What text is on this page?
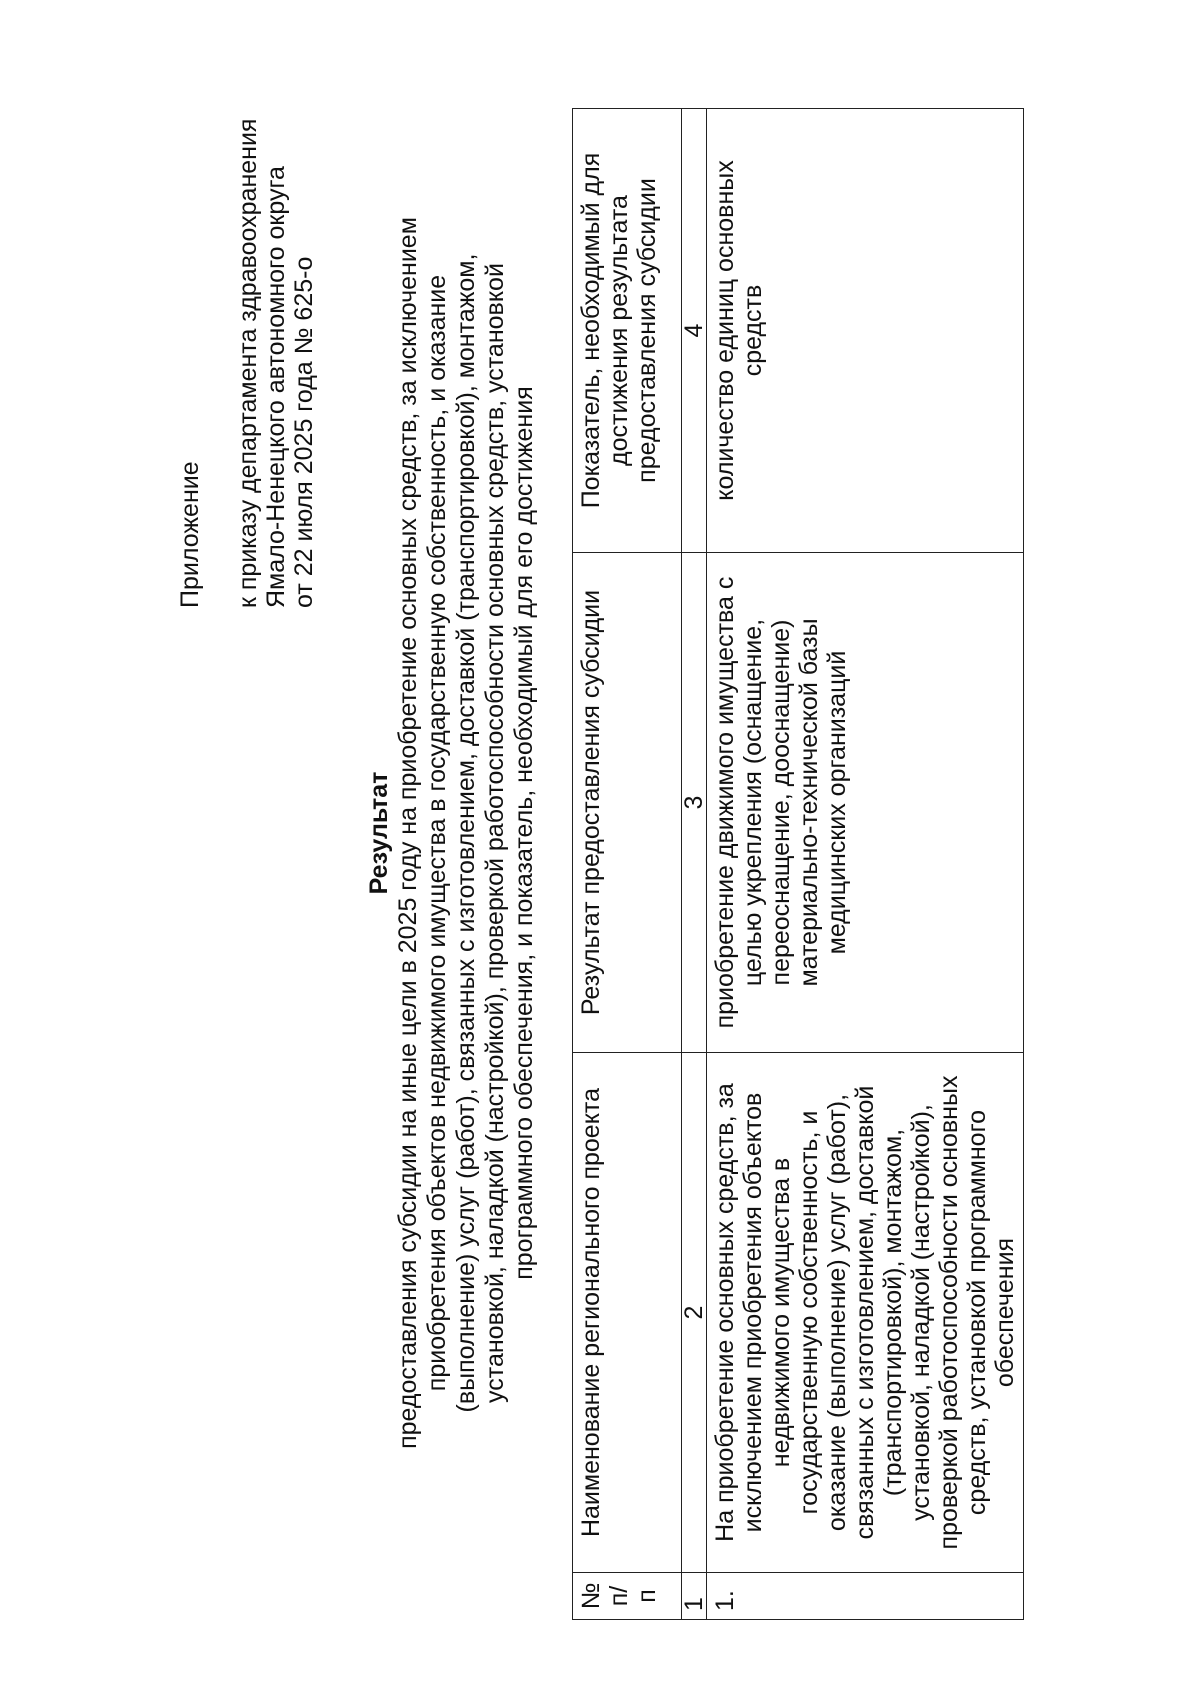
Приложение к приказу департамента здравоохранения Ямало-Ненецкого автономного округа от 22 июля 2025 года № 625-о
Результат предоставления субсидии на иные цели в 2025 году на приобретение основных средств, за исключением приобретения объектов недвижимого имущества в государственную собственность, и оказание (выполнение) услуг (работ), связанных с изготовлением, доставкой (транспортировкой), монтажом, установкой, наладкой (настройкой), проверкой работоспособности основных средств, установкой программного обеспечения, и показатель, необходимый для его достижения
№ п/п	Наименование регионального проекта	Результат предоставления субсидии	Показатель, необходимый для достижения результата предоставления субсидии
1	2	3	4
1.	На приобретение основных средств, за исключением приобретения объектов недвижимого имущества в государственную собственность, и оказание (выполнение) услуг (работ), связанных с изготовлением, доставкой (транспортировкой), монтажом, установкой, наладкой (настройкой), проверкой работоспособности основных средств, установкой программного обеспечения	приобретение движимого имущества с целью укрепления (оснащение, переоснащение, дооснащение) материально-технической базы медицинских организаций	количество единиц основных средств
